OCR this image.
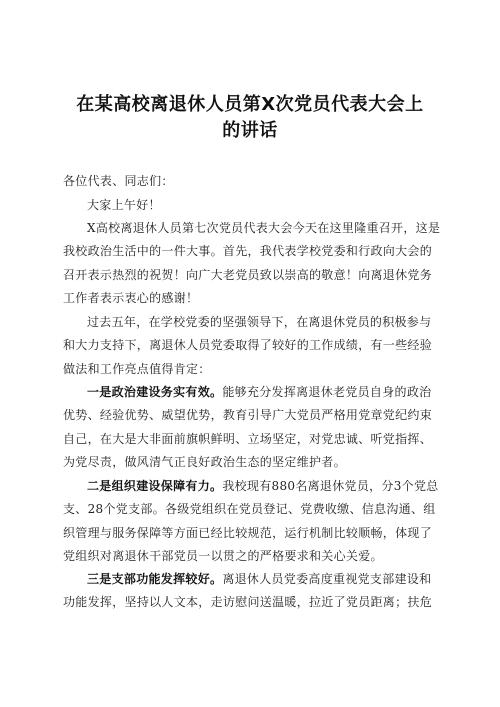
在某高校离退休人员第X次党员代表大会上
的讲话

各位代表、同志们：

大家上午好！

X高校离退休人员第七次党员代表大会今天在这里隆重召开，这是我校政治生活中的一件大事。首先，我代表学校党委和行政向大会的召开表示热烈的祝贺！向广大老党员致以崇高的敬意！向离退休党务工作者表示衷心的感谢！

过去五年，在学校党委的坚强领导下，在离退休党员的积极参与和大力支持下，离退休人员党委取得了较好的工作成绩，有一些经验做法和工作亮点值得肯定：

一是政治建设务实有效。能够充分发挥离退休老党员自身的政治优势、经验优势、威望优势，教育引导广大党员严格用党章党纪约束自己，在大是大非面前旗帜鲜明、立场坚定，对党忠诚、听党指挥、为党尽责，做风清气正良好政治生态的坚定维护者。

二是组织建设保障有力。我校现有880名离退休党员，分3个党总支、28个党支部。各级党组织在党员登记、党费收缴、信息沟通、组织管理与服务保障等方面已经比较规范，运行机制比较顺畅，体现了党组织对离退休干部党员一以贯之的严格要求和关心关爱。

三是支部功能发挥较好。离退休人员党委高度重视党支部建设和功能发挥，坚持以人文本，走访慰问送温暖，拉近了党员距离；扶危
